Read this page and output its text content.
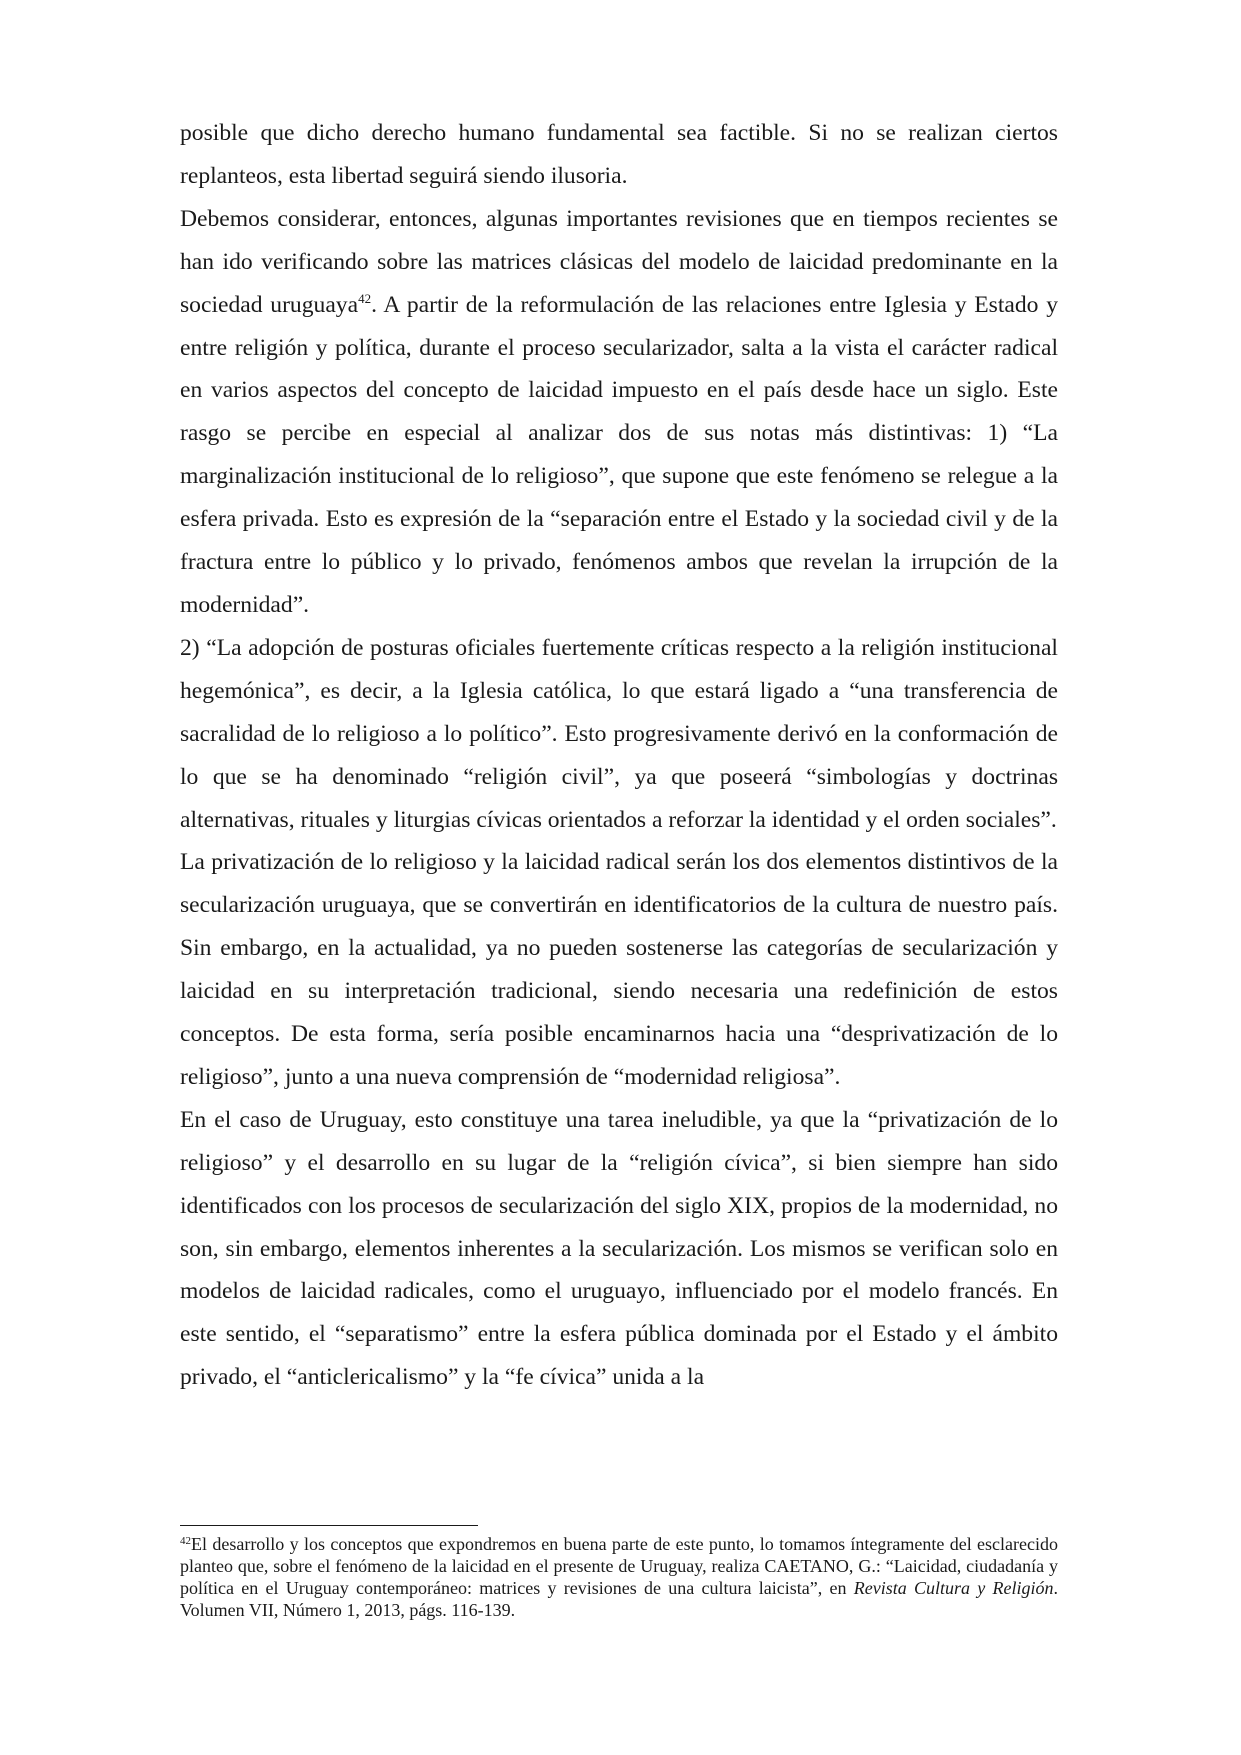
posible que dicho derecho humano fundamental sea factible. Si no se realizan ciertos replanteos, esta libertad seguirá siendo ilusoria.

Debemos considerar, entonces, algunas importantes revisiones que en tiempos recientes se han ido verificando sobre las matrices clásicas del modelo de laicidad predominante en la sociedad uruguaya$^{42}$. A partir de la reformulación de las relaciones entre Iglesia y Estado y entre religión y política, durante el proceso secularizador, salta a la vista el carácter radical en varios aspectos del concepto de laicidad impuesto en el país desde hace un siglo. Este rasgo se percibe en especial al analizar dos de sus notas más distintivas: 1) “La marginalización institucional de lo religioso”, que supone que este fenómeno se relegue a la esfera privada. Esto es expresión de la “separación entre el Estado y la sociedad civil y de la fractura entre lo público y lo privado, fenómenos ambos que revelan la irrupción de la modernidad”.

2) “La adopción de posturas oficiales fuertemente críticas respecto a la religión institucional hegemónica”, es decir, a la Iglesia católica, lo que estará ligado a “una transferencia de sacralidad de lo religioso a lo político”. Esto progresivamente derivó en la conformación de lo que se ha denominado “religión civil”, ya que poseerá “simbologías y doctrinas alternativas, rituales y liturgias cívicas orientados a reforzar la identidad y el orden sociales”.

La privatización de lo religioso y la laicidad radical serán los dos elementos distintivos de la secularización uruguaya, que se convertirán en identificatorios de la cultura de nuestro país. Sin embargo, en la actualidad, ya no pueden sostenerse las categorías de secularización y laicidad en su interpretación tradicional, siendo necesaria una redefinición de estos conceptos. De esta forma, sería posible encaminarnos hacia una “desprivatización de lo religioso”, junto a una nueva comprensión de “modernidad religiosa”.

En el caso de Uruguay, esto constituye una tarea ineludible, ya que la “privatización de lo religioso” y el desarrollo en su lugar de la “religión cívica”, si bien siempre han sido identificados con los procesos de secularización del siglo XIX, propios de la modernidad, no son, sin embargo, elementos inherentes a la secularización. Los mismos se verifican solo en modelos de laicidad radicales, como el uruguayo, influenciado por el modelo francés. En este sentido, el “separatismo” entre la esfera pública dominada por el Estado y el ámbito privado, el “anticlericalismo” y la “fe cívica” unida a la

$^{42}$El desarrollo y los conceptos que expondremos en buena parte de este punto, lo tomamos íntegramente del esclarecido planteo que, sobre el fenómeno de la laicidad en el presente de Uruguay, realiza CAETANO, G.: “Laicidad, ciudadanía y política en el Uruguay contemporáneo: matrices y revisiones de una cultura laicista”, en Revista Cultura y Religión. Volumen VII, Número 1, 2013, págs. 116-139.
